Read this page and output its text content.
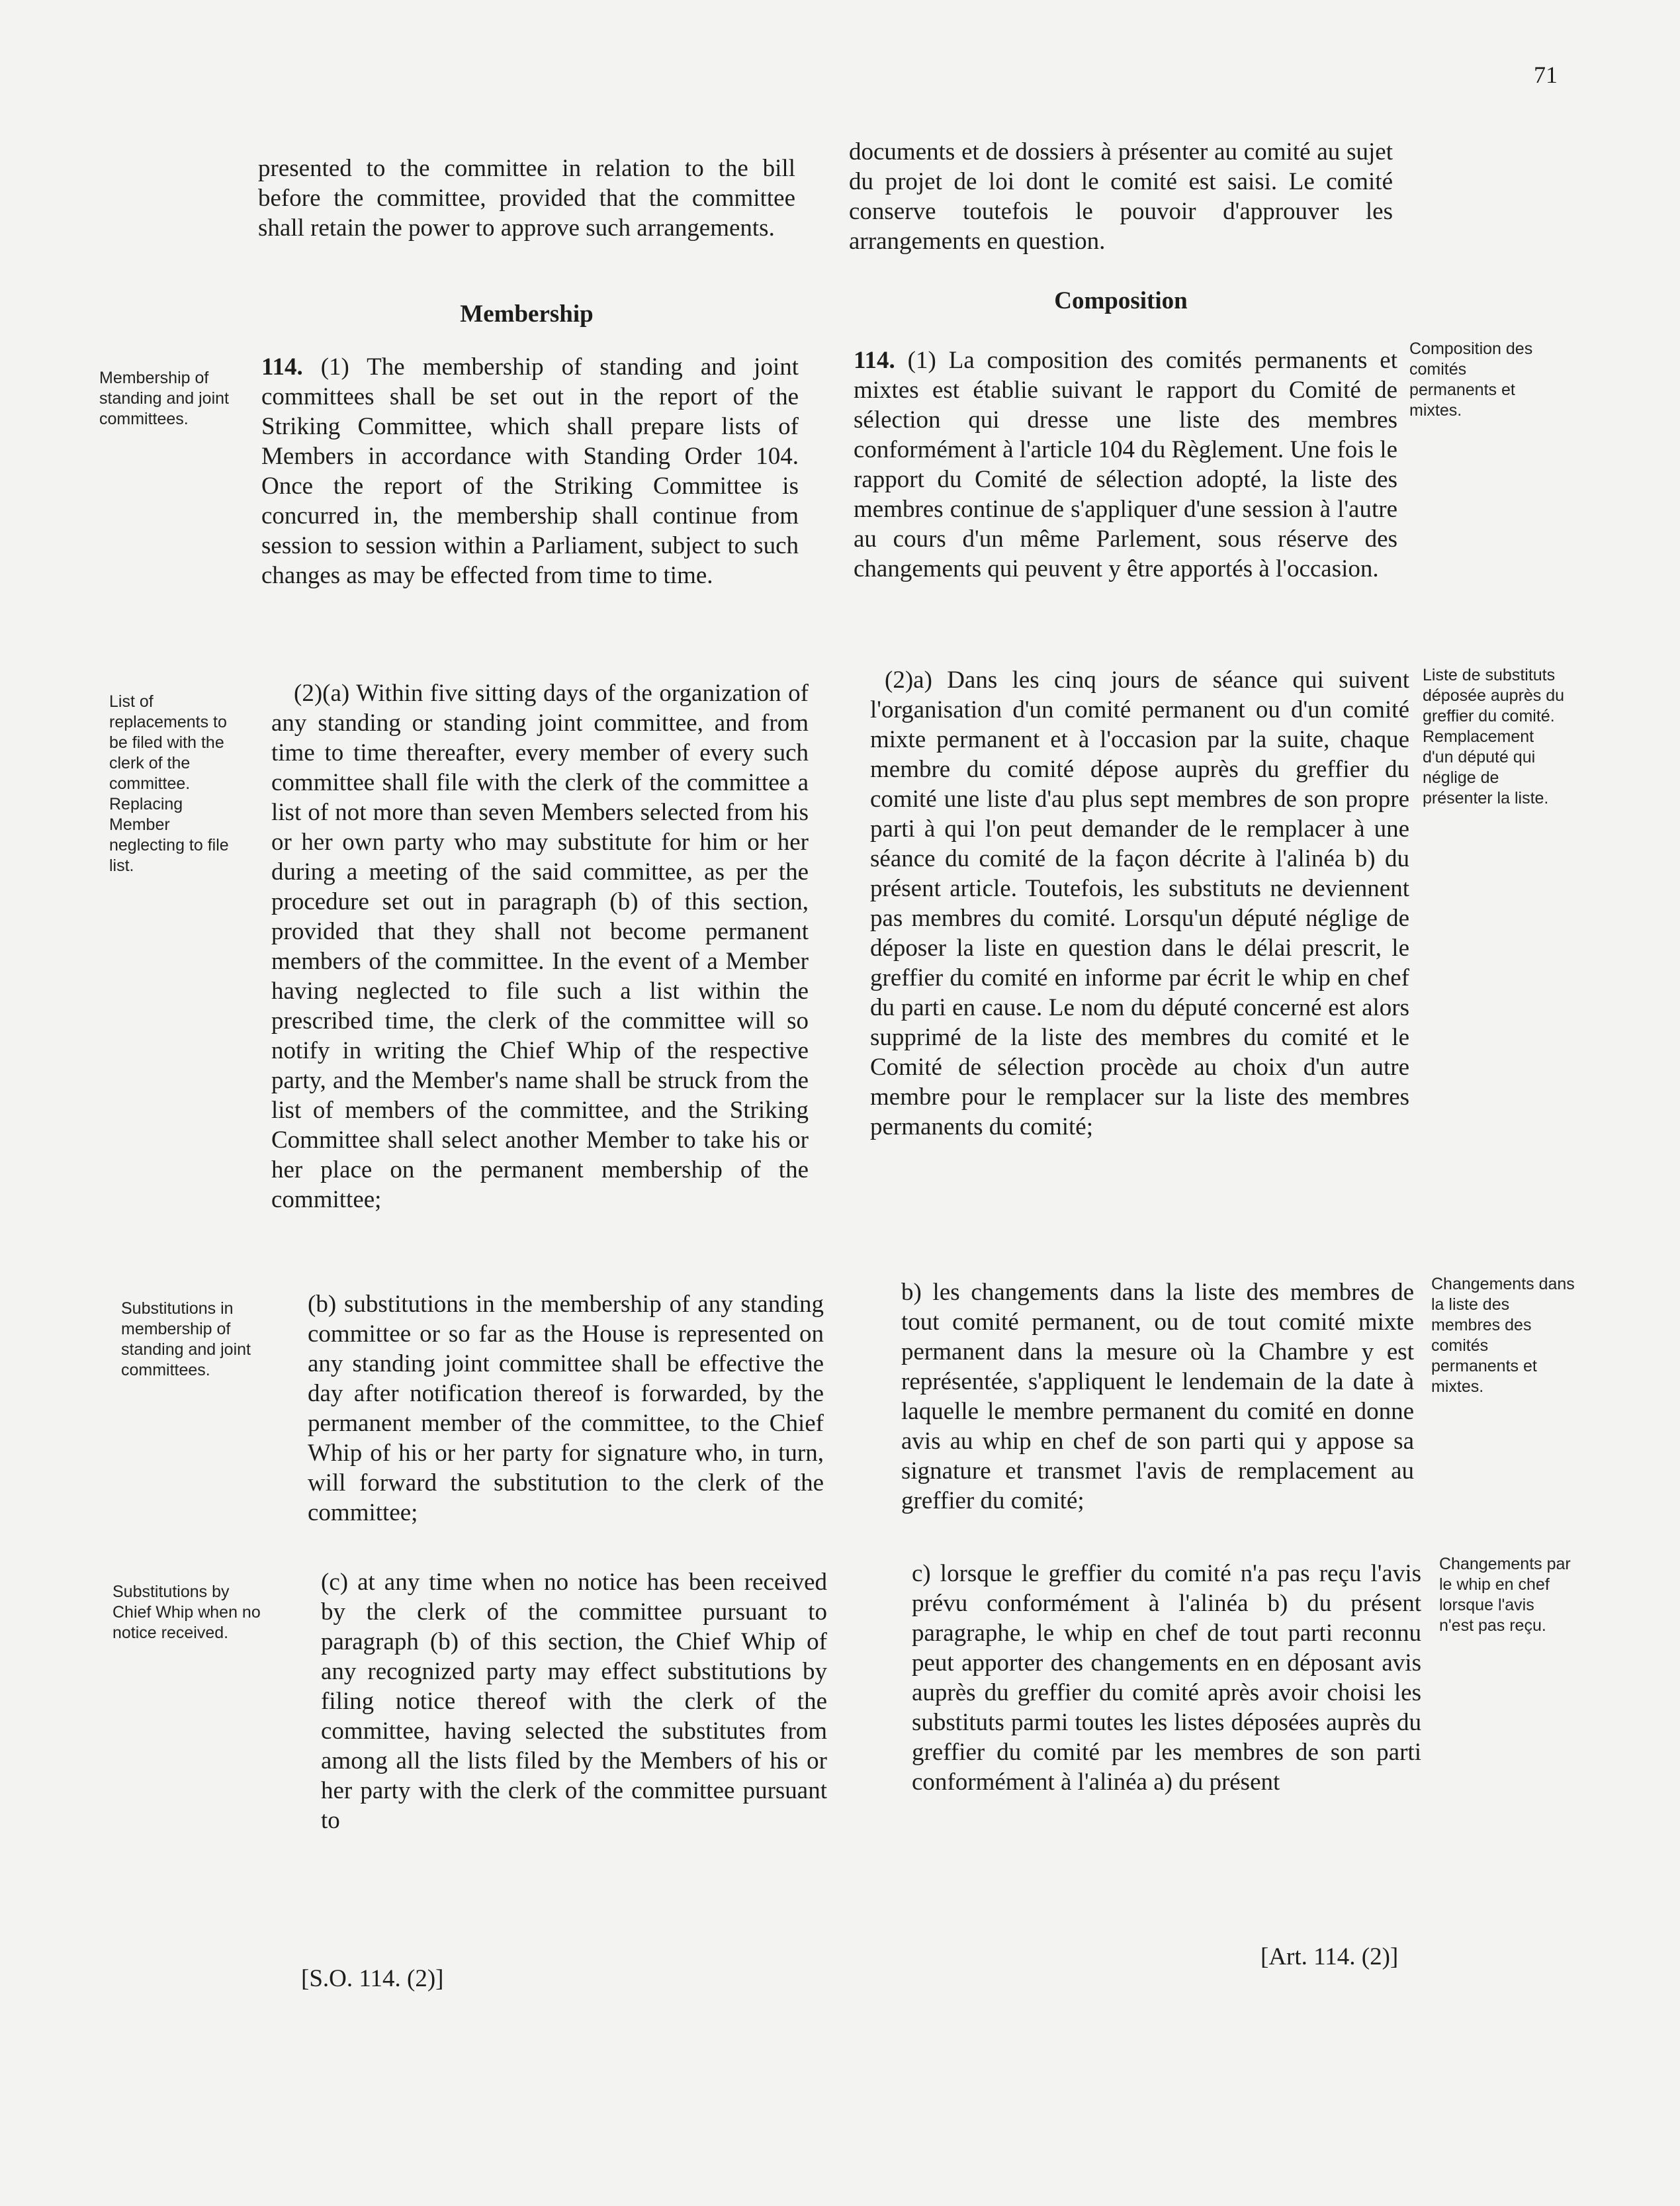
71

presented to the committee in relation to the bill before the committee, provided that the committee shall retain the power to approve such arrangements.

Membership

114. (1) The membership of standing and joint committees shall be set out in the report of the Striking Committee, which shall prepare lists of Members in accordance with Standing Order 104. Once the report of the Striking Committee is concurred in, the membership shall continue from session to session within a Parliament, subject to such changes as may be effected from time to time.

(2)(a) Within five sitting days of the organization of any standing or standing joint committee, and from time to time thereafter, every member of every such committee shall file with the clerk of the committee a list of not more than seven Members selected from his or her own party who may substitute for him or her during a meeting of the said committee, as per the procedure set out in paragraph (b) of this section, provided that they shall not become permanent members of the committee. In the event of a Member having neglected to file such a list within the prescribed time, the clerk of the committee will so notify in writing the Chief Whip of the respective party, and the Member's name shall be struck from the list of members of the committee, and the Striking Committee shall select another Member to take his or her place on the permanent membership of the committee;

(b) substitutions in the membership of any standing committee or so far as the House is represented on any standing joint committee shall be effective the day after notification thereof is forwarded, by the permanent member of the committee, to the Chief Whip of his or her party for signature who, in turn, will forward the substitution to the clerk of the committee;

(c) at any time when no notice has been received by the clerk of the committee pursuant to paragraph (b) of this section, the Chief Whip of any recognized party may effect substitutions by filing notice thereof with the clerk of the committee, having selected the substitutes from among all the lists filed by the Members of his or her party with the clerk of the committee pursuant to

[S.O. 114. (2)]

documents et de dossiers à présenter au comité au sujet du projet de loi dont le comité est saisi. Le comité conserve toutefois le pouvoir d'approuver les arrangements en question.

Composition

114. (1) La composition des comités permanents et mixtes est établie suivant le rapport du Comité de sélection qui dresse une liste des membres conformément à l'article 104 du Règlement. Une fois le rapport du Comité de sélection adopté, la liste des membres continue de s'appliquer d'une session à l'autre au cours d'un même Parlement, sous réserve des changements qui peuvent y être apportés à l'occasion.

(2)a) Dans les cinq jours de séance qui suivent l'organisation d'un comité permanent ou d'un comité mixte permanent et à l'occasion par la suite, chaque membre du comité dépose auprès du greffier du comité une liste d'au plus sept membres de son propre parti à qui l'on peut demander de le remplacer à une séance du comité de la façon décrite à l'alinéa b) du présent article. Toutefois, les substituts ne deviennent pas membres du comité. Lorsqu'un député néglige de déposer la liste en question dans le délai prescrit, le greffier du comité en informe par écrit le whip en chef du parti en cause. Le nom du député concerné est alors supprimé de la liste des membres du comité et le Comité de sélection procède au choix d'un autre membre pour le remplacer sur la liste des membres permanents du comité;

b) les changements dans la liste des membres de tout comité permanent, ou de tout comité mixte permanent dans la mesure où la Chambre y est représentée, s'appliquent le lendemain de la date à laquelle le membre permanent du comité en donne avis au whip en chef de son parti qui y appose sa signature et transmet l'avis de remplacement au greffier du comité;

c) lorsque le greffier du comité n'a pas reçu l'avis prévu conformément à l'alinéa b) du présent paragraphe, le whip en chef de tout parti reconnu peut apporter des changements en en déposant avis auprès du greffier du comité après avoir choisi les substituts parmi toutes les listes déposées auprès du greffier du comité par les membres de son parti conformément à l'alinéa a) du présent

[Art. 114. (2)]
Membership of standing and joint committees.
List of replacements to be filed with the clerk of the committee. Replacing Member neglecting to file list.
Substitutions in membership of standing and joint committees.
Substitutions by Chief Whip when no notice received.
Composition des comités permanents et mixtes.
Liste de substituts déposée auprès du greffier du comité. Remplacement d'un député qui néglige de présenter la liste.
Changements dans la liste des membres des comités permanents et mixtes.
Changements par le whip en chef lorsque l'avis n'est pas reçu.
